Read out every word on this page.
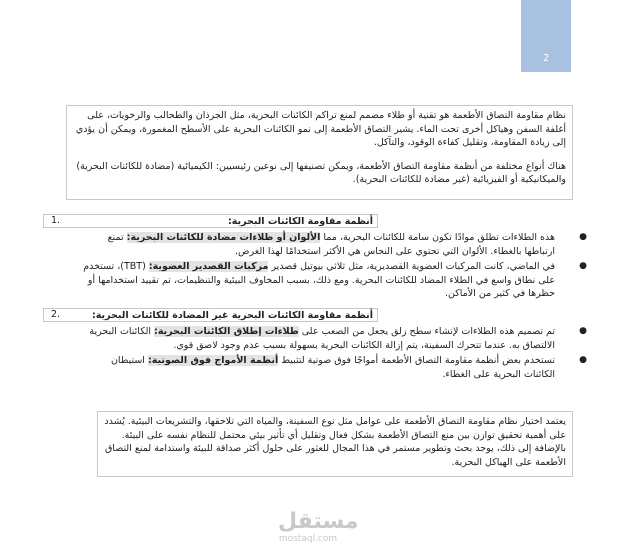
2

نظام مقاومة التصاق الأطعمة هو تقنية أو طلاء مصمم لمنع تراكم الكائنات البحرية، مثل الجرذان والطحالب والرخويات، على أغلفة السفن وهياكل أخرى تحت الماء. يشير التصاق الأطعمة إلى نمو الكائنات البحرية على الأسطح المغمورة، ويمكن أن يؤدي إلى زيادة المقاومة، وتقليل كفاءة الوقود، والتآكل.

هناك أنواع مختلفة من أنظمة مقاومة التصاق الأطعمة، ويمكن تصنيفها إلى نوعين رئيسيين: الكيميائية (مضادة للكائنات البحرية) والميكانيكية أو الفيزيائية (غير مضادة للكائنات البحرية).

أنظمة مقاومة الكائنات البحرية:
1.
●
هذه الطلاءات تطلق موادًا تكون سامة للكائنات البحرية، مما الألوان أو طلاءات مضادة للكائنات البحرية: تمنع ارتباطها بالغطاء. الألوان التي تحتوي على النحاس هي الأكثر استخدامًا لهذا الغرض.
●
في الماضي، كانت المركبات العضوية القصديرية، مثل ثلاثي بيوتيل قصدير مركبات القصدير العضوية: (TBT)، تستخدم على نطاق واسع في الطلاء المضاد للكائنات البحرية. ومع ذلك، بسبب المخاوف البيئية والتنظيمات، تم تقييد استخدامها أو حظرها في كثير من الأماكن.
أنظمة مقاومة الكائنات البحرية غير المضادة للكائنات البحرية:
2.
●
تم تصميم هذه الطلاءات لإنشاء سطح زلق يجعل من الصعب على طلاءات إطلاق الكائنات البحرية: الكائنات البحرية الالتصاق به. عندما تتحرك السفينة، يتم إزالة الكائنات البحرية بسهولة بسبب عدم وجود لاصق قوي.
●
تستخدم بعض أنظمة مقاومة التصاق الأطعمة أمواجًا فوق صوتية لتثبيط أنظمة الأمواج فوق الصوتية: استيطان الكائنات البحرية على الغطاء.

يعتمد اختيار نظام مقاومة التصاق الأطعمة على عوامل مثل نوع السفينة، والمياه التي تلاحقها، والتشريعات البيئية. يُشدد على أهمية تحقيق توازن بين منع التصاق الأطعمة بشكل فعال وتقليل أي تأثير بيئي محتمل للنظام نفسه على البيئة. بالإضافة إلى ذلك، يوجد بحث وتطوير مستمر في هذا المجال للعثور على حلول أكثر صداقة للبيئة واستدامة لمنع التصاق الأطعمة على الهياكل البحرية.

مستقل
mostaql.com
